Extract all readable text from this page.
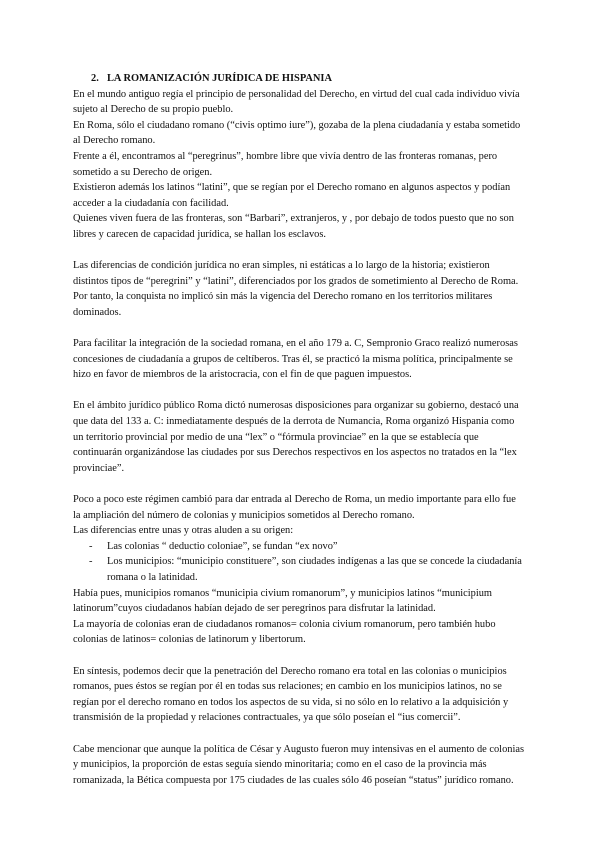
2. LA ROMANIZACIÓN JURÍDICA DE HISPANIA

En el mundo antiguo regía el principio de personalidad del Derecho, en virtud del cual cada individuo vivía sujeto al Derecho de su propio pueblo.

En Roma, sólo el ciudadano romano (“civis optimo iure”), gozaba de la plena ciudadanía y estaba sometido al Derecho romano.

Frente a él, encontramos al “peregrinus”, hombre libre que vivía dentro de las fronteras romanas, pero sometido a su Derecho de origen.

Existieron además los latinos “latini”, que se regían por el Derecho romano en algunos aspectos y podían acceder a la ciudadanía con facilidad.

Quienes viven fuera de las fronteras, son “Barbari”, extranjeros, y , por debajo de todos puesto que no son libres y carecen de capacidad jurídica, se hallan los esclavos.

Las diferencias de condición jurídica no eran simples, ni estáticas a lo largo de la historia; existieron distintos tipos de “peregrini” y “latini”, diferenciados por los grados de sometimiento al Derecho de Roma. Por tanto, la conquista no implicó sin más la vigencia del Derecho romano en los territorios militares dominados.

Para facilitar la integración de la sociedad romana, en el año 179 a. C, Sempronio Graco realizó numerosas concesiones de ciudadanía a grupos de celtíberos. Tras él, se practicó la misma política, principalmente se hizo en favor de miembros de la aristocracia, con el fin de que paguen impuestos.

En el ámbito jurídico público Roma dictó numerosas disposiciones para organizar su gobierno, destacó una que data del 133 a. C: inmediatamente después de la derrota de Numancia, Roma organizó Hispania como un territorio provincial por medio de una “lex” o “fórmula provinciae” en la que se establecía que continuarán organizándose las ciudades por sus Derechos respectivos en los aspectos no tratados en la “lex provinciae”.

Poco a poco este régimen cambió para dar entrada al Derecho de Roma, un medio importante para ello fue la ampliación del número de colonias y municipios sometidos al Derecho romano.

Las diferencias entre unas y otras aluden a su origen:

- Las colonias “ deductio coloniae”, se fundan “ex novo”
- Los municipios: “municipio constituere”, son ciudades indígenas a las que se concede la ciudadanía romana o la latinidad.

Había pues, municipios romanos “municipia civium romanorum”, y municipios latinos “municipium latinorum”cuyos ciudadanos habían dejado de ser peregrinos para disfrutar la latinidad.

La mayoría de colonias eran de ciudadanos romanos= colonia civium romanorum, pero también hubo colonias de latinos= colonias de latinorum y libertorum.

En síntesis, podemos decir que la penetración del Derecho romano era total en las colonias o municipios romanos, pues éstos se regían por él en todas sus relaciones; en cambio en los municipios latinos, no se regían por el derecho romano en todos los aspectos de su vida, si no sólo en lo relativo a la adquisición y transmisión de la propiedad y relaciones contractuales, ya que sólo poseían el “ius comercii”.

Cabe mencionar que aunque la política de César y Augusto fueron muy intensivas en el aumento de colonias y municipios, la proporción de estas seguía siendo minoritaria; como en el caso de la provincia más romanizada, la Bética compuesta por 175 ciudades de las cuales sólo 46 poseían “status” jurídico romano.
